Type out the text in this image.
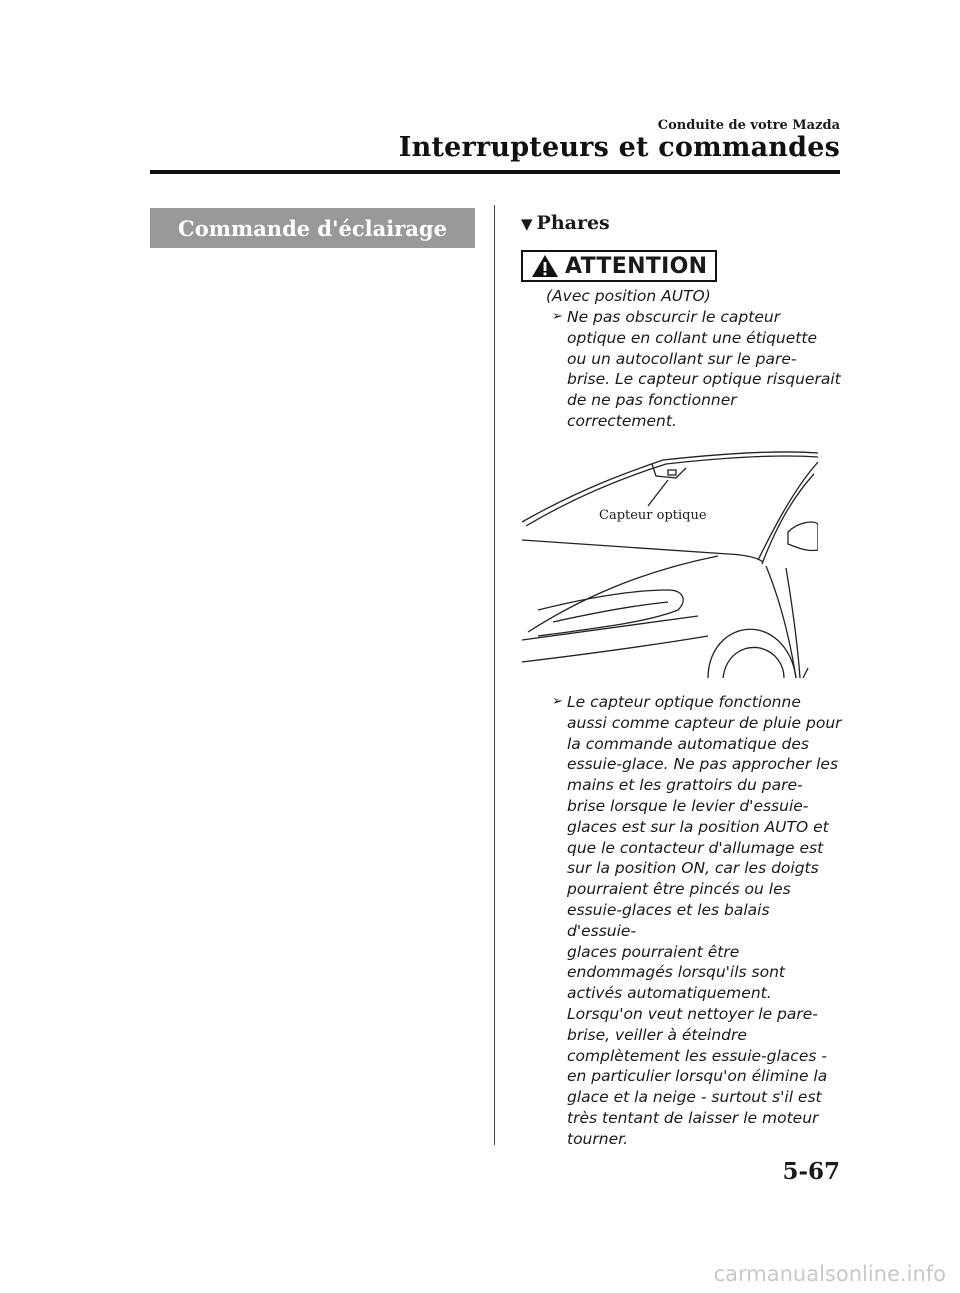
Conduite de votre Mazda
Interrupteurs et commandes
Commande d'éclairage	▼ Phares
ATTENTION
(Avec position AUTO)
➢ Ne pas obscurcir le capteur
optique en collant une étiquette
ou un autocollant sur le pare-
brise. Le capteur optique risquerait
de ne pas fonctionner
correctement.
Capteur optique
➢ Le capteur optique fonctionne
aussi comme capteur de pluie pour
la commande automatique des
essuie-glace. Ne pas approcher les
mains et les grattoirs du pare-
brise lorsque le levier d'essuie-
glaces est sur la position AUTO et
que le contacteur d'allumage est
sur la position ON, car les doigts
pourraient être pincés ou les
essuie-glaces et les balais d'essuie-
glaces pourraient être
endommagés lorsqu'ils sont
activés automatiquement.
Lorsqu'on veut nettoyer le pare-
brise, veiller à éteindre
complètement les essuie-glaces -
en particulier lorsqu'on élimine la
glace et la neige - surtout s'il est
très tentant de laisser le moteur
tourner.
5-67
carmanualsonline.info
